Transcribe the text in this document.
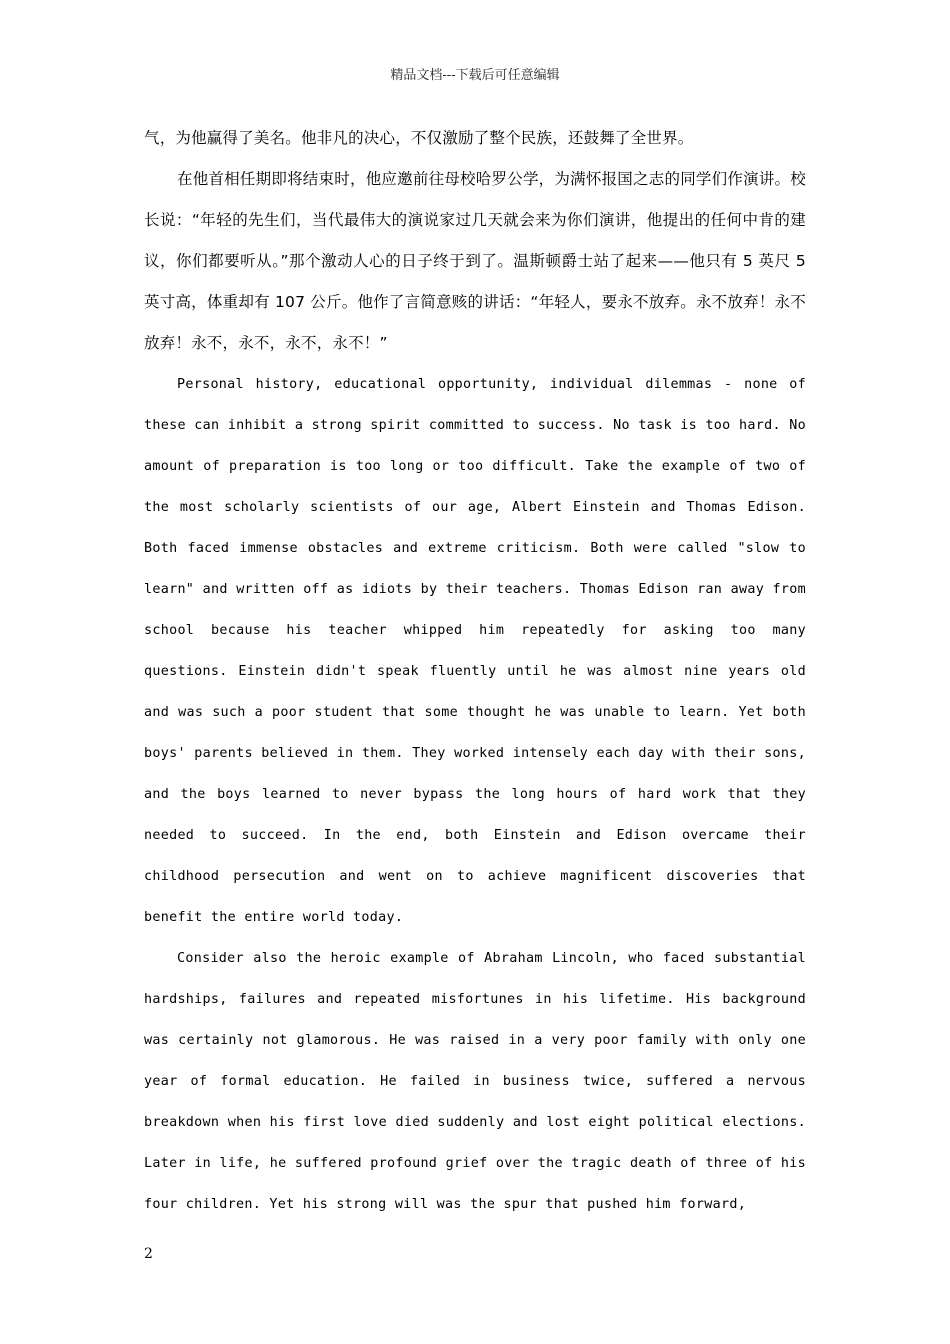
精品文档---下载后可任意编辑

气，为他赢得了美名。他非凡的决心，不仅激励了整个民族，还鼓舞了全世界。

在他首相任期即将结束时，他应邀前往母校哈罗公学，为满怀报国之志的同学们作演讲。校长说：“年轻的先生们，当代最伟大的演说家过几天就会来为你们演讲，他提出的任何中肯的建议，你们都要听从。”那个激动人心的日子终于到了。温斯顿爵士站了起来——他只有 5 英尺 5 英寸高，体重却有 107 公斤。他作了言简意赅的讲话：“年轻人，要永不放弃。永不放弃！永不放弃！永不，永不，永不，永不！”

Personal history, educational opportunity, individual dilemmas - none of these can inhibit a strong spirit committed to success. No task is too hard. No amount of preparation is too long or too difficult. Take the example of two of the most scholarly scientists of our age, Albert Einstein and Thomas Edison. Both faced immense obstacles and extreme criticism. Both were called "slow to learn" and written off as idiots by their teachers. Thomas Edison ran away from school because his teacher whipped him repeatedly for asking too many questions. Einstein didn't speak fluently until he was almost nine years old and was such a poor student that some thought he was unable to learn. Yet both boys' parents believed in them. They worked intensely each day with their sons, and the boys learned to never bypass the long hours of hard work that they needed to succeed. In the end, both Einstein and Edison overcame their childhood persecution and went on to achieve magnificent discoveries that benefit the entire world today.

Consider also the heroic example of Abraham Lincoln, who faced substantial hardships, failures and repeated misfortunes in his lifetime. His background was certainly not glamorous. He was raised in a very poor family with only one year of formal education. He failed in business twice, suffered a nervous breakdown when his first love died suddenly and lost eight political elections. Later in life, he suffered profound grief over the tragic death of three of his four children. Yet his strong will was the spur that pushed him forward,

2
